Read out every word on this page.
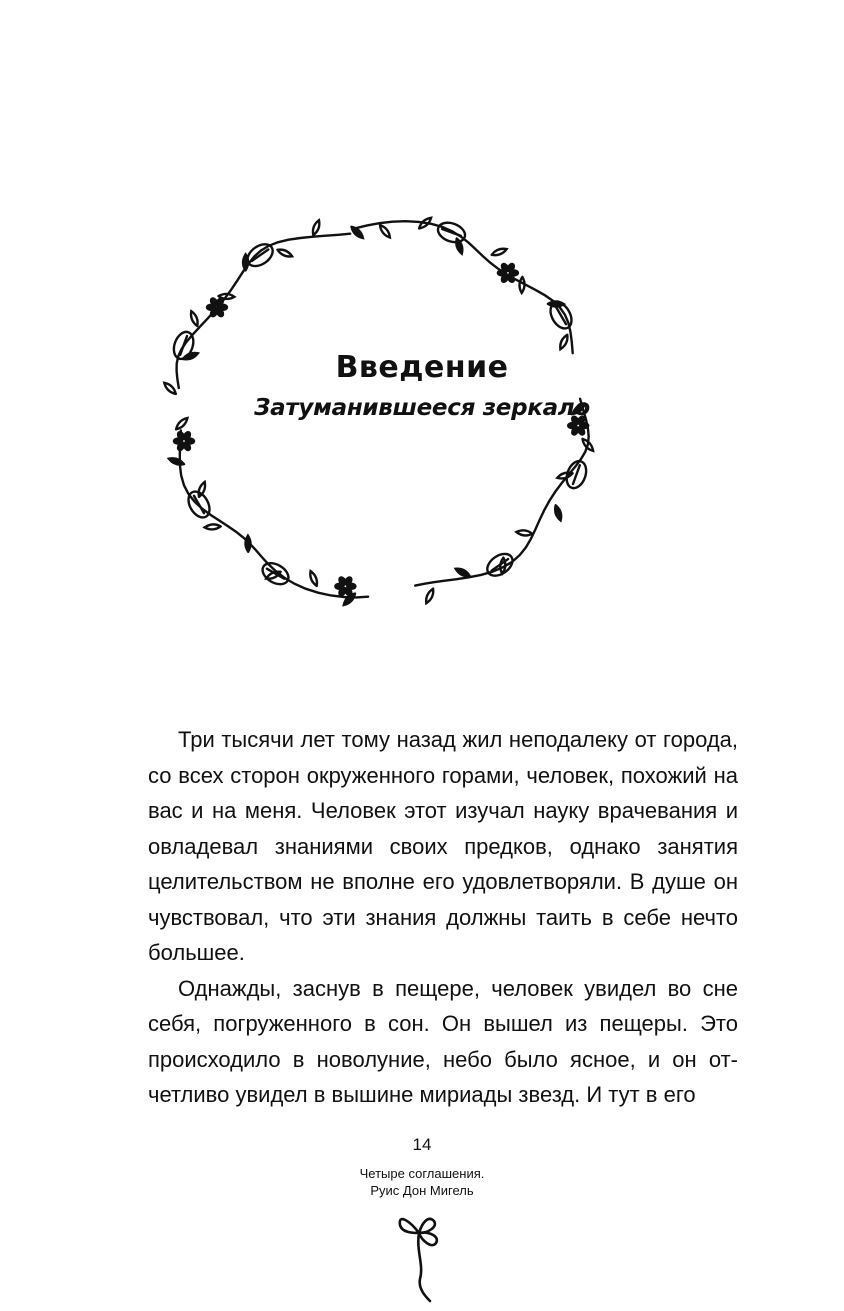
Введение
Затуманившееся зеркало

Три тысячи лет тому назад жил неподалеку от города, со всех сторон окруженного горами, человек, похожий на вас и на меня. Человек этот изучал науку врачевания и овладевал знаниями своих предков, однако занятия целительством не вполне его удовлетворяли. В душе он чувствовал, что эти знания должны таить в себе нечто большее.

Однажды, заснув в пещере, человек увидел во сне себя, погруженного в сон. Он вышел из пещеры. Это происходило в новолуние, небо было ясное, и он отчетливо увидел в вышине мириады звезд. И тут в его

14
Четыре соглашения.
Руис Дон Мигель
